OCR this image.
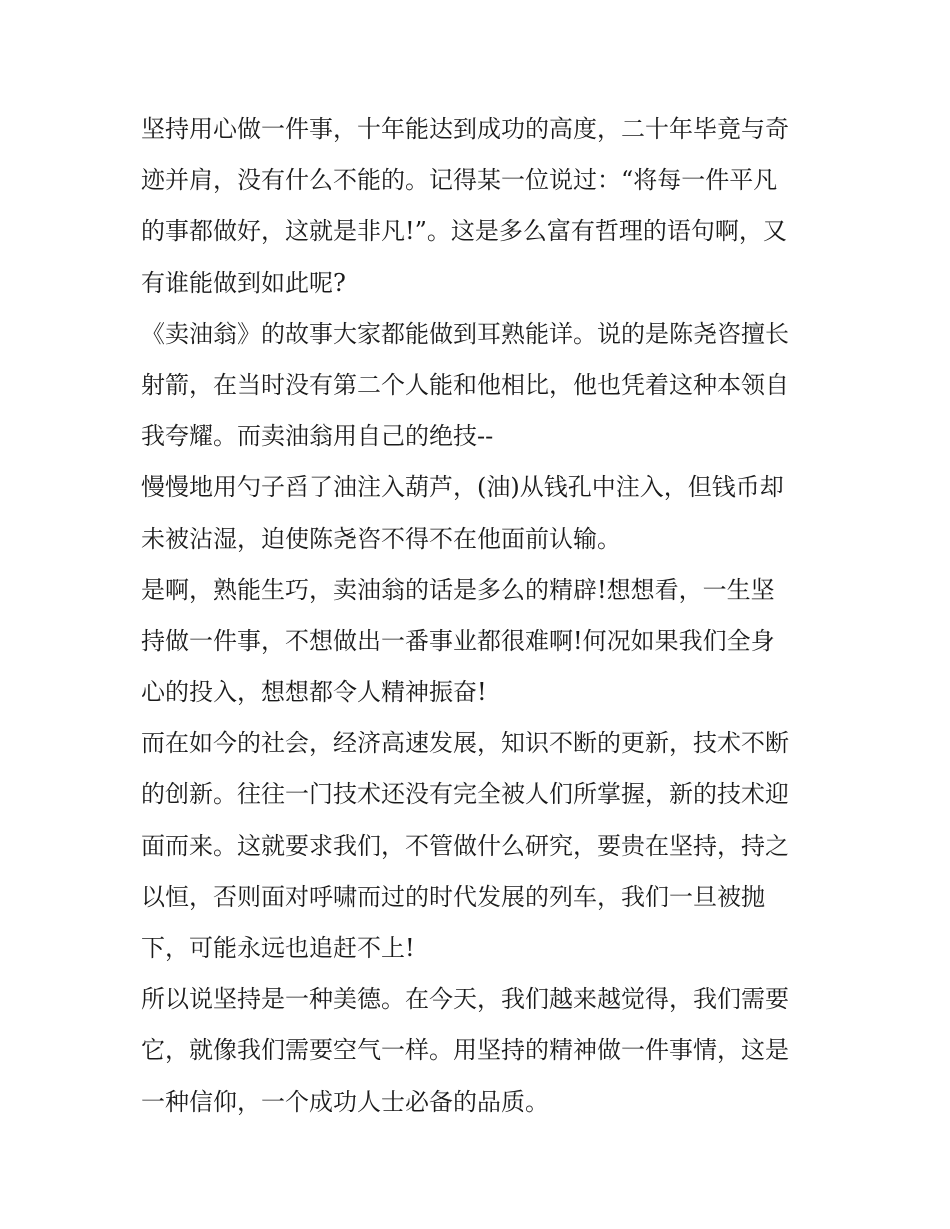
坚持用心做一件事，十年能达到成功的高度，二十年毕竟与奇
迹并肩，没有什么不能的。记得某一位说过：“将每一件平凡
的事都做好，这就是非凡!”。这是多么富有哲理的语句啊，又
有谁能做到如此呢?
《卖油翁》的故事大家都能做到耳熟能详。说的是陈尧咨擅长
射箭，在当时没有第二个人能和他相比，他也凭着这种本领自
我夸耀。而卖油翁用自己的绝技--
慢慢地用勺子舀了油注入葫芦，(油)从钱孔中注入，但钱币却
未被沾湿，迫使陈尧咨不得不在他面前认输。
是啊，熟能生巧，卖油翁的话是多么的精辟!想想看，一生坚
持做一件事，不想做出一番事业都很难啊!何况如果我们全身
心的投入，想想都令人精神振奋!
而在如今的社会，经济高速发展，知识不断的更新，技术不断
的创新。往往一门技术还没有完全被人们所掌握，新的技术迎
面而来。这就要求我们，不管做什么研究，要贵在坚持，持之
以恒，否则面对呼啸而过的时代发展的列车，我们一旦被抛
下，可能永远也追赶不上!
所以说坚持是一种美德。在今天，我们越来越觉得，我们需要
它，就像我们需要空气一样。用坚持的精神做一件事情，这是
一种信仰，一个成功人士必备的品质。
